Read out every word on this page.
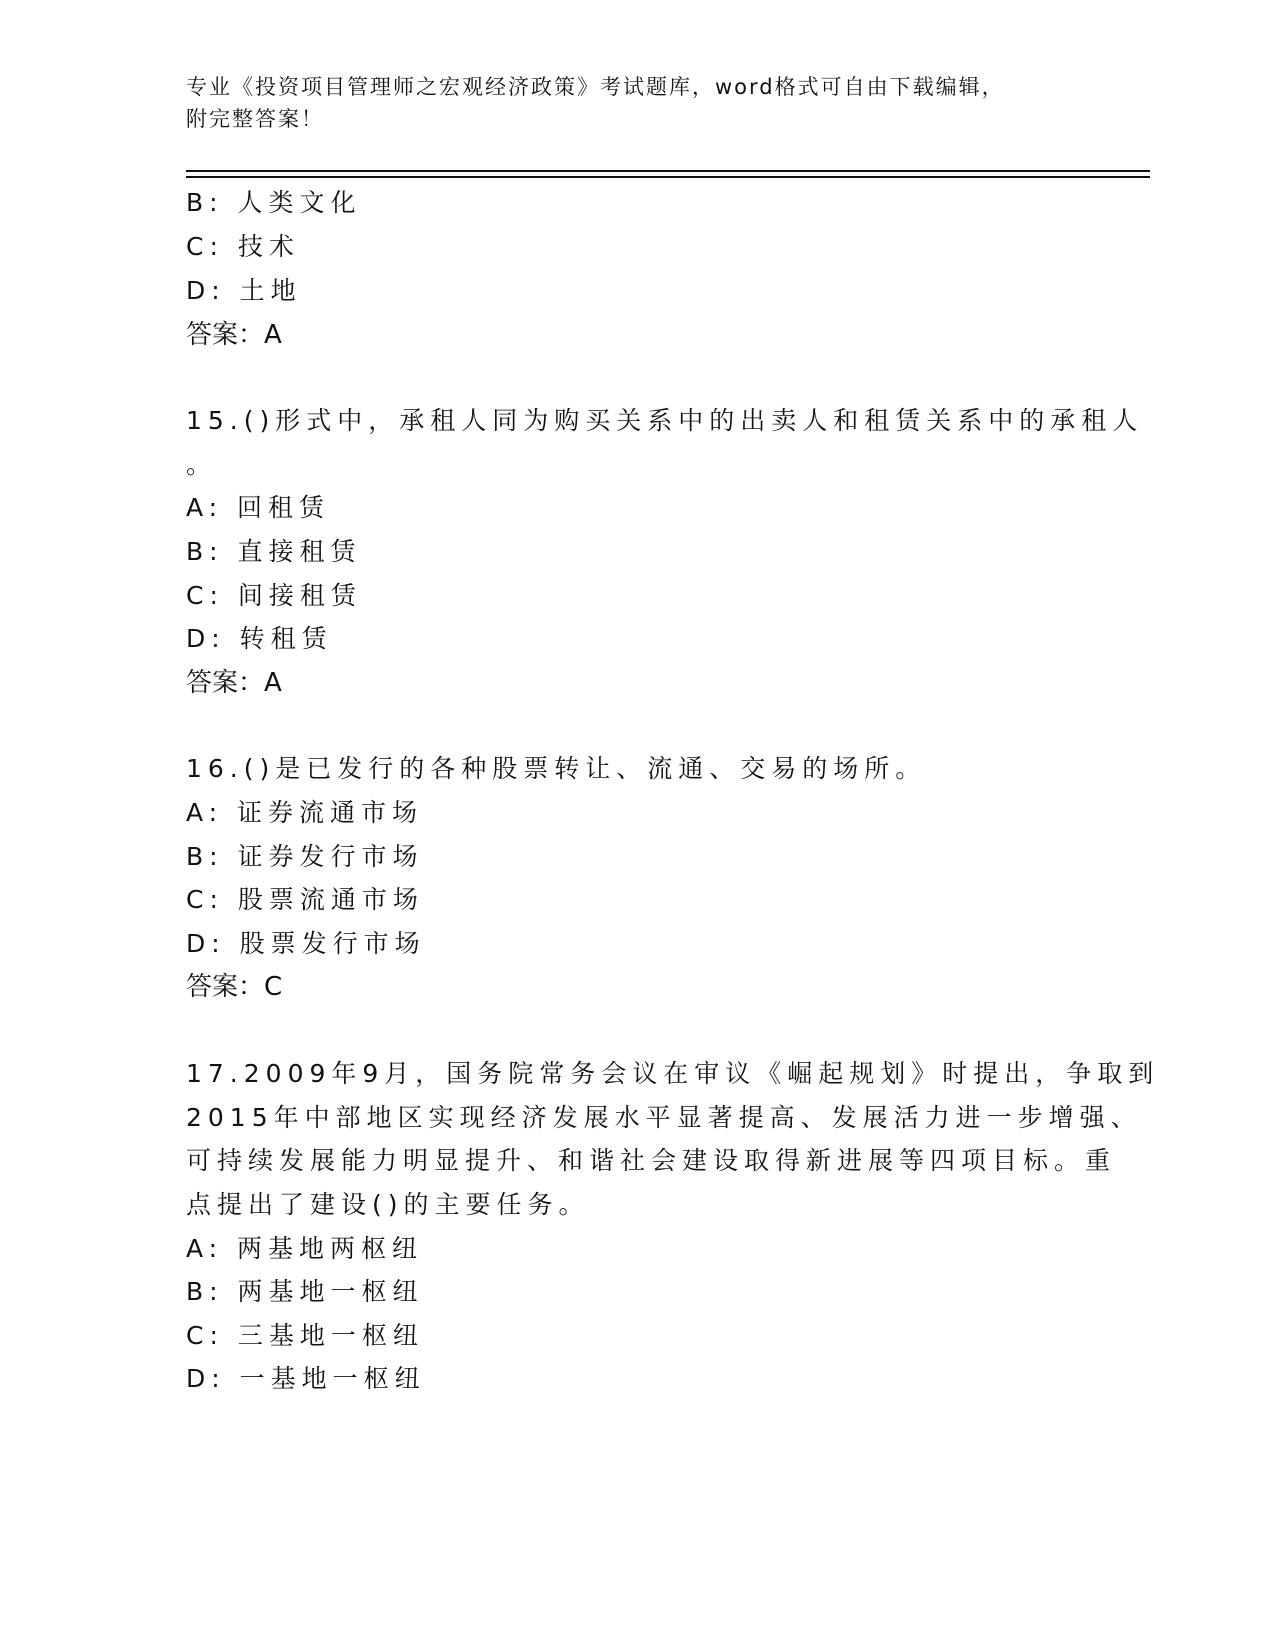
专业《投资项目管理师之宏观经济政策》考试题库，word格式可自由下载编辑，
附完整答案！
B: 人类文化
C: 技术
D: 土地
答案：A
15.()形式中，承租人同为购买关系中的出卖人和租赁关系中的承租人
。
A: 回租赁
B: 直接租赁
C: 间接租赁
D: 转租赁
答案：A
16.()是已发行的各种股票转让、流通、交易的场所。
A: 证券流通市场
B: 证券发行市场
C: 股票流通市场
D: 股票发行市场
答案：C
17.2009年9月，国务院常务会议在审议《崛起规划》时提出，争取到
2015年中部地区实现经济发展水平显著提高、发展活力进一步增强、
可持续发展能力明显提升、和谐社会建设取得新进展等四项目标。重
点提出了建设()的主要任务。
A: 两基地两枢纽
B: 两基地一枢纽
C: 三基地一枢纽
D: 一基地一枢纽
